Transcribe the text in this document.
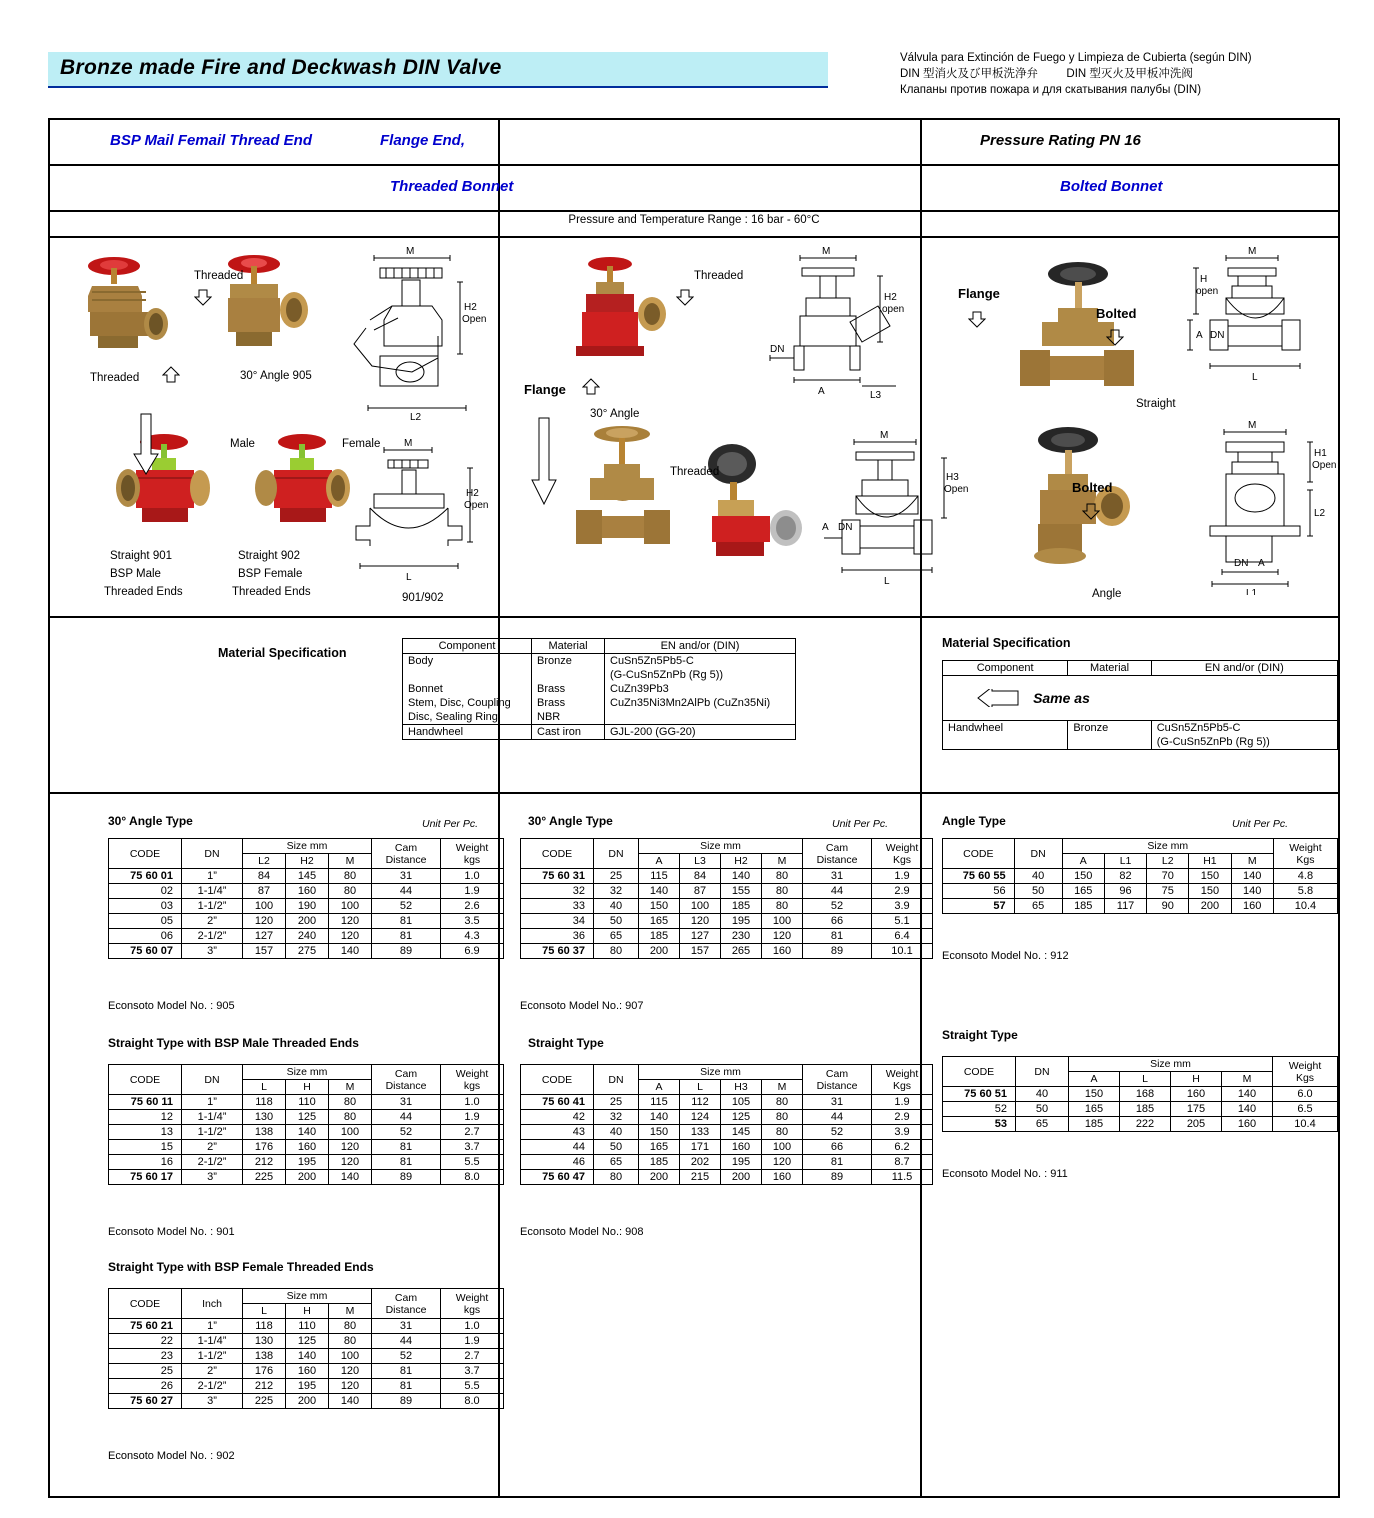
Bronze made Fire and Deckwash DIN Valve	Válvula para Extinción de Fuego y Limpieza de Cubierta (según DIN)
DIN 型消火及び甲板洗浄弁 DIN 型灭火及甲板冲洗阀
Клапаны против пожара и для скатывания палубы (DIN)
BSP Mail Femail Thread End	Flange End,	Pressure Rating PN 16
Threaded Bonnet	Bolted Bonnet
Pressure and Temperature Range : 16 bar - 60°C
M
L2
H2
Open
M
L
H2
Open
Threaded
Threaded	30° Angle 905
Male	Female
Straight 901
BSP Male
Threaded Ends
Straight 902
BSP Female
Threaded Ends	901/902
M
A
DN
L3
H2
open
M
L
A DN
H3
Open
Threaded
Flange
30° Angle
Threaded
M
L
H
open
A DN
M
DN A
L1
H1
Open
L2
Flange
Bolted
Straight
Bolted
Angle
Material Specification	Component	Material	EN and/or (DIN)
Body	Bronze	CuSn5Zn5Pb5-C
		(G-CuSn5ZnPb (Rg 5))
Bonnet	Brass	CuZn39Pb3
Stem, Disc, Coupling	Brass	CuZn35Ni3Mn2AlPb (CuZn35Ni)
Disc, Sealing Ring	NBR	
Handwheel	Cast iron	GJL-200 (GG-20)
Material Specification
Component	Material	EN and/or (DIN)

Same as		
Handwheel	Bronze	CuSn5Zn5Pb5-C
		(G-CuSn5ZnPb (Rg 5))
30° Angle Type	Unit Per Pc.
CODE	DN	Size mm			Cam
Distance	Weight
kgs
		L2	H2	M		
75 60 01	1”	84	145	80	31	1.0
02	1-1/4”	87	160	80	44	1.9
03	1-1/2”	100	190	100	52	2.6
05	2”	120	200	120	81	3.5
06	2-1/2”	127	240	120	81	4.3
75 60 07	3”	157	275	140	89	6.9
Econsoto Model No. : 905
Straight Type with BSP Male Threaded Ends
CODE	DN	Size mm			Cam
Distance	Weight
kgs
		L	H	M		
75 60 11	1”	118	110	80	31	1.0
12	1-1/4”	130	125	80	44	1.9
13	1-1/2”	138	140	100	52	2.7
15	2”	176	160	120	81	3.7
16	2-1/2”	212	195	120	81	5.5
75 60 17	3”	225	200	140	89	8.0
Econsoto Model No. : 901
Straight Type with BSP Female Threaded Ends
CODE	Inch	Size mm			Cam
Distance	Weight
kgs
		L	H	M		
75 60 21	1”	118	110	80	31	1.0
22	1-1/4”	130	125	80	44	1.9
23	1-1/2”	138	140	100	52	2.7
25	2”	176	160	120	81	3.7
26	2-1/2”	212	195	120	81	5.5
75 60 27	3”	225	200	140	89	8.0
Econsoto Model No. : 902
30° Angle Type	Unit Per Pc.
CODE	DN	Size mm				Cam
Distance	Weight
Kgs
		A	L3	H2	M		
75 60 31	25	115	84	140	80	31	1.9
32	32	140	87	155	80	44	2.9
33	40	150	100	185	80	52	3.9
34	50	165	120	195	100	66	5.1
36	65	185	127	230	120	81	6.4
75 60 37	80	200	157	265	160	89	10.1
Econsoto Model No.: 907
Straight Type
CODE	DN	Size mm				Cam
Distance	Weight
Kgs
		A	L	H3	M		
75 60 41	25	115	112	105	80	31	1.9
42	32	140	124	125	80	44	2.9
43	40	150	133	145	80	52	3.9
44	50	165	171	160	100	66	6.2
46	65	185	202	195	120	81	8.7
75 60 47	80	200	215	200	160	89	11.5
Econsoto Model No.: 908
Angle Type	Unit Per Pc.
CODE	DN	Size mm					Weight
Kgs
		A	L1	L2	H1	M	
75 60 55	40	150	82	70	150	140	4.8
56	50	165	96	75	150	140	5.8
57	65	185	117	90	200	160	10.4
Econsoto Model No. : 912
Straight Type
CODE	DN	Size mm				Weight
Kgs
		A	L	H	M	
75 60 51	40	150	168	160	140	6.0
52	50	165	185	175	140	6.5
53	65	185	222	205	160	10.4
Econsoto Model No. : 911
